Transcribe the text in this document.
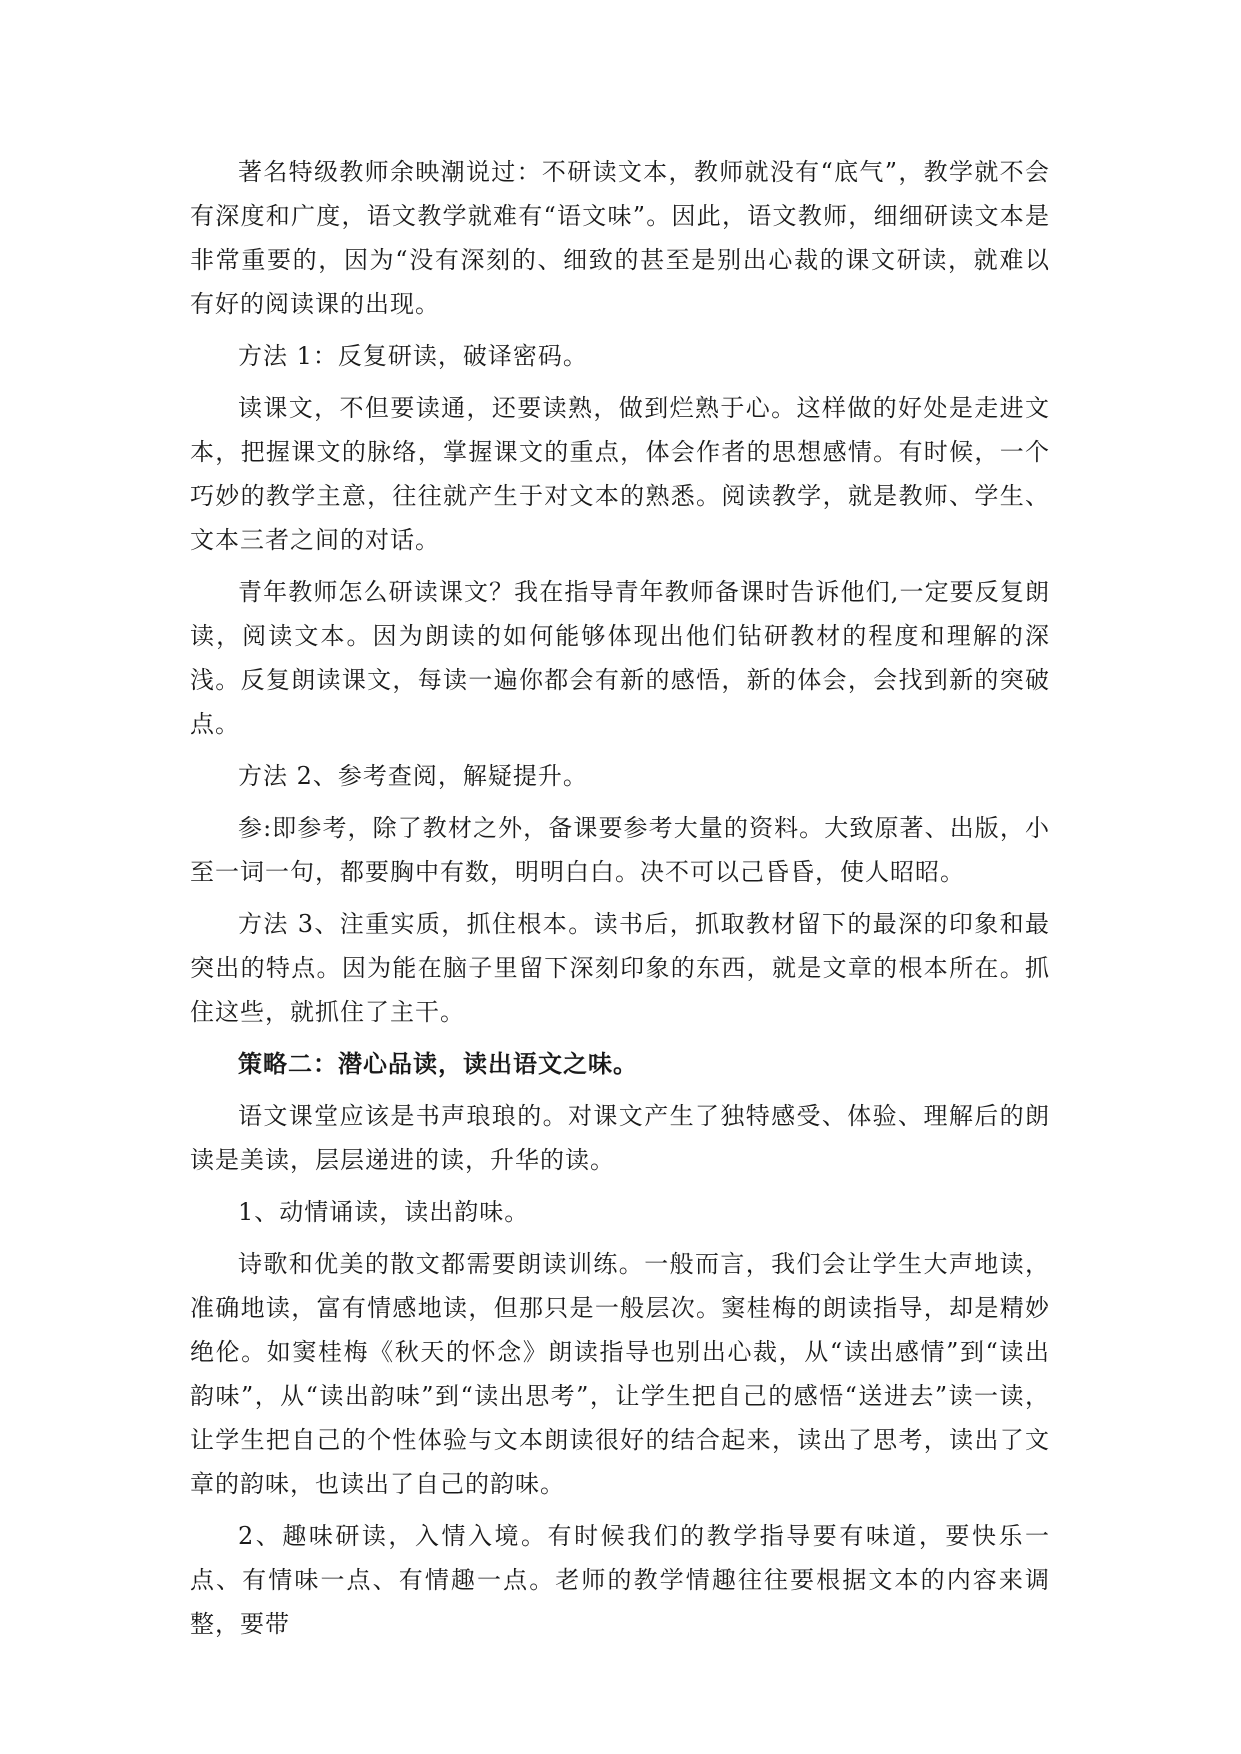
著名特级教师余映潮说过：不研读文本，教师就没有“底气”，教学就不会有深度和广度，语文教学就难有“语文味”。因此，语文教师，细细研读文本是非常重要的，因为“没有深刻的、细致的甚至是别出心裁的课文研读，就难以有好的阅读课的出现。

方法 1：反复研读，破译密码。

读课文，不但要读通，还要读熟，做到烂熟于心。这样做的好处是走进文本，把握课文的脉络，掌握课文的重点，体会作者的思想感情。有时候，一个巧妙的教学主意，往往就产生于对文本的熟悉。阅读教学，就是教师、学生、文本三者之间的对话。

青年教师怎么研读课文？我在指导青年教师备课时告诉他们,一定要反复朗读，阅读文本。因为朗读的如何能够体现出他们钻研教材的程度和理解的深浅。反复朗读课文，每读一遍你都会有新的感悟，新的体会，会找到新的突破点。

方法 2、参考查阅，解疑提升。

参:即参考，除了教材之外，备课要参考大量的资料。大致原著、出版，小至一词一句，都要胸中有数，明明白白。决不可以己昏昏，使人昭昭。

方法 3、注重实质，抓住根本。读书后，抓取教材留下的最深的印象和最突出的特点。因为能在脑子里留下深刻印象的东西，就是文章的根本所在。抓住这些，就抓住了主干。

策略二：潜心品读，读出语文之味。

语文课堂应该是书声琅琅的。对课文产生了独特感受、体验、理解后的朗读是美读，层层递进的读，升华的读。

1、动情诵读，读出韵味。

诗歌和优美的散文都需要朗读训练。一般而言，我们会让学生大声地读，准确地读，富有情感地读，但那只是一般层次。窦桂梅的朗读指导，却是精妙绝伦。如窦桂梅《秋天的怀念》朗读指导也别出心裁，从“读出感情”到“读出韵味”，从“读出韵味”到“读出思考”，让学生把自己的感悟“送进去”读一读，让学生把自己的个性体验与文本朗读很好的结合起来，读出了思考，读出了文章的韵味，也读出了自己的韵味。

2、趣味研读，入情入境。有时候我们的教学指导要有味道，要快乐一点、有情味一点、有情趣一点。老师的教学情趣往往要根据文本的内容来调整，要带
